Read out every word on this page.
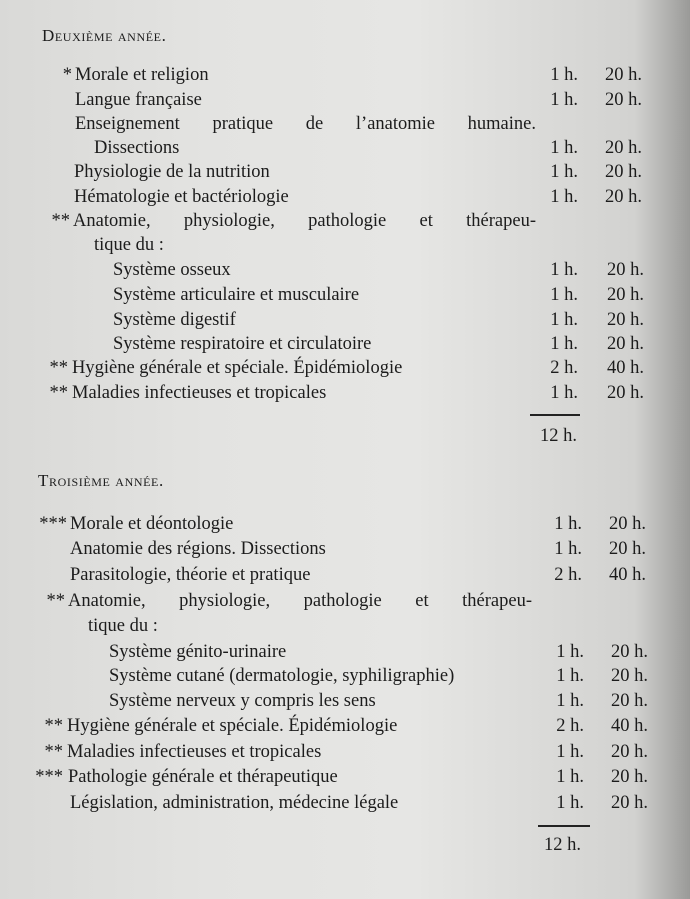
Deuxième année.
* Morale et religion	1 h.	20 h.
Langue française	1 h.	20 h.
Enseignement pratique de l’anatomie humaine.
Dissections	1 h.	20 h.
Physiologie de la nutrition	1 h.	20 h.
Hématologie et bactériologie	1 h.	20 h.
** Anatomie, physiologie, pathologie et thérapeu-
tique du :
Système osseux	1 h.	20 h.
Système articulaire et musculaire	1 h.	20 h.
Système digestif	1 h.	20 h.
Système respiratoire et circulatoire	1 h.	20 h.
** Hygiène générale et spéciale. Épidémiologie	2 h.	40 h.
** Maladies infectieuses et tropicales	1 h.	20 h.
12 h.
Troisième année.
*** Morale et déontologie	1 h.	20 h.
Anatomie des régions. Dissections	1 h.	20 h.
Parasitologie, théorie et pratique	2 h.	40 h.
** Anatomie, physiologie, pathologie et thérapeu-
tique du :
Système génito-urinaire	1 h.	20 h.
Système cutané (dermatologie, syphiligraphie)	1 h.	20 h.
Système nerveux y compris les sens	1 h.	20 h.
** Hygiène générale et spéciale. Épidémiologie	2 h.	40 h.
** Maladies infectieuses et tropicales	1 h.	20 h.
*** Pathologie générale et thérapeutique	1 h.	20 h.
Législation, administration, médecine légale	1 h.	20 h.
12 h.
